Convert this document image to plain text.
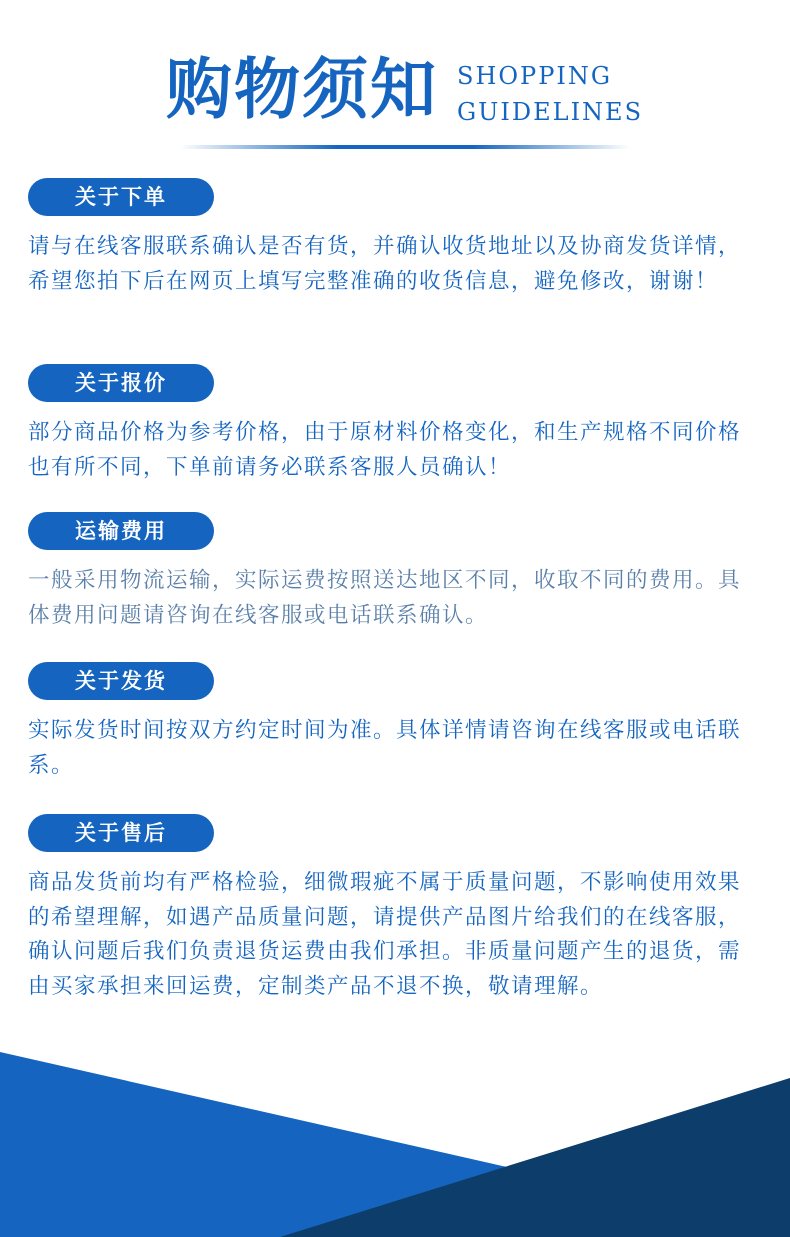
购物须知 SHOPPING
GUIDELINES
关于下单
请与在线客服联系确认是否有货，并确认收货地址以及协商发货详情，希望您拍下后在网页上填写完整准确的收货信息，避免修改，谢谢！
关于报价
部分商品价格为参考价格，由于原材料价格变化，和生产规格不同价格也有所不同，下单前请务必联系客服人员确认！
运输费用
一般采用物流运输，实际运费按照送达地区不同，收取不同的费用。具体费用问题请咨询在线客服或电话联系确认。
关于发货
实际发货时间按双方约定时间为准。具体详情请咨询在线客服或电话联系。
关于售后
商品发货前均有严格检验，细微瑕疵不属于质量问题，不影响使用效果的希望理解，如遇产品质量问题，请提供产品图片给我们的在线客服，确认问题后我们负责退货运费由我们承担。非质量问题产生的退货，需由买家承担来回运费，定制类产品不退不换，敬请理解。
